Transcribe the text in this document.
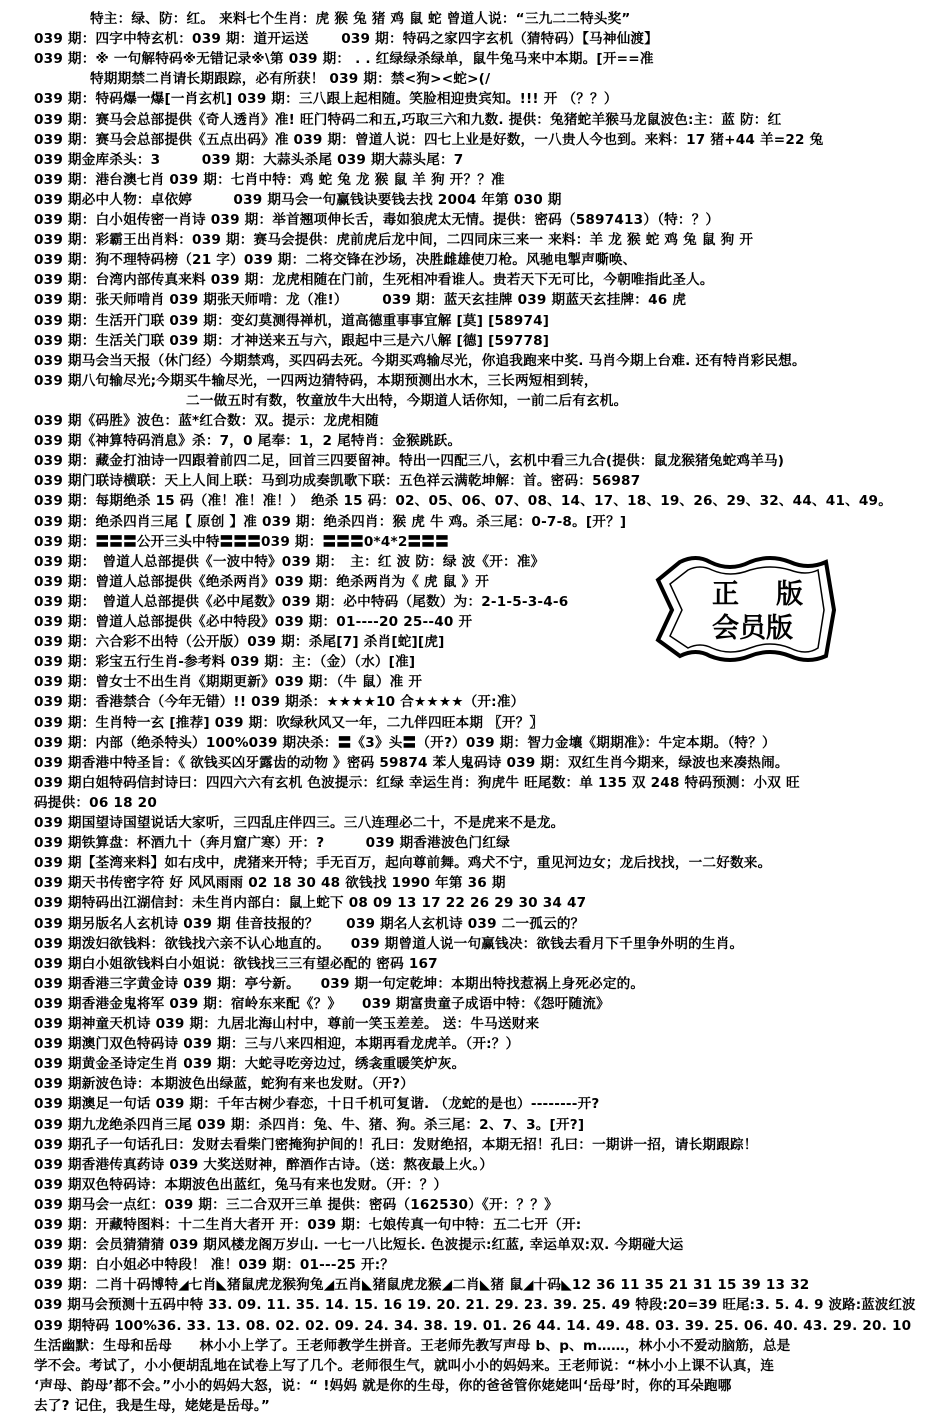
特主：绿、防：红。 来料七个生肖：虎 猴 兔 猪 鸡 鼠 蛇 曾道人说：“三九二二特头奖”
039 期：四字中特玄机：039 期：道开运送　　 039 期：特码之家四字玄机（猜特码）【马神仙渡】
039 期：※ 一句解特码※无错记录※\第 039 期： . . 红绿绿杀绿单，鼠牛兔马来中本期。[开==准
特期期禁二肖请长期跟踪，必有所获！ 039 期：禁<狗><蛇>(/
039 期：特码爆一爆[一肖玄机] 039 期：三八跟上起相随。笑脸相迎贵宾知。!!! 开 （？？）
039 期：赛马会总部提供《奇人透肖》准! 旺门特码二和五,巧取三六和九数. 提供：兔猪蛇羊猴马龙鼠波色:主：蓝 防：红
039 期：赛马会总部提供《五点出码》准 039 期：曾道人说：四七上业是好数，一八贵人今也到。来料：17 猪+44 羊=22 兔
039 期金库杀头：3　　　039 期：大蒜头杀尾 039 期大蒜头尾：7
039 期：港台澳七肖 039 期：七肖中特：鸡 蛇 兔 龙 猴 鼠 羊 狗 开？？准
039 期必中人物：卓依婷　　　039 期马会一句赢钱诀要钱去找 2004 年第 030 期
039 期：白小姐传密一肖诗 039 期：举首翘项伸长舌，毒如狼虎太无情。提供：密码（5897413）（特：？）
039 期：彩霸王出肖料：039 期：赛马会提供：虎前虎后龙中间，二四同床三来一 来料：羊 龙 猴 蛇 鸡 兔 鼠 狗 开
039 期：狗不理特码榜（21 字）039 期：二将交锋在沙场，决胜雌雄使刀枪。风驰电掣声嘶唤、
039 期：台湾内部传真来料 039 期：龙虎相随在门前，生死相冲看谁人。贵若天下无可比，今朝唯指此圣人。
039 期：张天师啃肖 039 期张天师啃：龙（准!）　　　039 期：蓝天玄挂牌 039 期蓝天玄挂牌：46 虎
039 期：生活开门联 039 期：变幻莫测得禅机，道高德重事事宜解 [莫] [58974]
039 期：生活关门联 039 期：才神送来五与六，跟起中三是六八解 [德] [59778]
039 期马会当天报（休门经）今期禁鸡，买四码去死。今期买鸡输尽光，你追我跑来中奖. 马肖今期上台难. 还有特肖彩民想。
039 期八句输尽光;今期买牛输尽光，一四两边猜特码，本期预测出水木，三长两短相到转，
二一做五时有数，牧童放牛大出特，今期道人话你知，一前二后有玄机。
039 期《码胜》波色：蓝*红合数：双。提示：龙虎相随
039 期《神算特码消息》杀：7，0 尾奉：1，2 尾特肖：金猴跳跃。
039 期：藏金打油诗一四跟着前四二足，回首三四要留神。特出一四配三八，玄机中看三九合(提供：鼠龙猴猪兔蛇鸡羊马)
039 期门联诗横联：天上人间上联：马到功成奏凯歌下联：五色祥云满乾坤解：首。密码：56987
039 期：每期绝杀 15 码（准！准！准！）　绝杀 15 码：02、05、06、07、08、14、17、18、19、26、29、32、44、41、49。
039 期：绝杀四肖三尾【 原创 】准 039 期：绝杀四肖：猴 虎 牛 鸡。杀三尾：0-7-8。[开？]
039 期：〓〓〓公开三头中特〓〓〓039 期：〓〓〓0*4*2〓〓〓
039 期：　曾道人总部提供《一波中特》039 期：　主：红 波 防：绿 波《开：准》
039 期：曾道人总部提供《绝杀两肖》039 期：绝杀两肖为《 虎 鼠 》开
039 期：　曾道人总部提供《必中尾数》039 期：必中特码（尾数）为：2-1-5-3-4-6
039 期：曾道人总部提供《必中特段》039 期：01----20 25--40 开
039 期：六合彩不出特（公开版）039 期：杀尾[7] 杀肖[蛇][虎]
039 期：彩宝五行生肖-参考料 039 期：主：（金）（水）[准]
039 期：曾女士不出生肖《期期更新》039 期：（牛 鼠）准 开
039 期：香港禁合（今年无错）!! 039 期杀：★★★★10 合★★★★（开:准）
039 期：生肖特一玄 [推荐] 039 期：吹绿秋风又一年，二九伴四旺本期 〖开？〗
039 期：内部（绝杀特头）100%039 期决杀：〓《3》头〓（开?）039 期：智力金壤《期期准》：牛定本期。（特？）
039 期香港中特圣旨：《 欲钱买凶牙露齿的动物 》密码 59874 苯人鬼码诗 039 期：双红生肖今期来，绿波也来凑热闹。
039 期白姐特码信封诗曰：四四六六有玄机 色波提示：红绿 幸运生肖：狗虎牛 旺尾数：单 135 双 248 特码预测：小双 旺
码提供：06 18 20
039 期国望诗国望说话大家听，三四乱庄伴四三。三八连理必二十，不是虎来不是龙。
039 期铁算盘：杯酒九十（奔月窟广寒）开：?　　　039 期香港波色门红绿
039 期【荃湾来料】如右戌中，虎猪来开特；手无百万，起向尊前舞。鸡犬不宁，重见河边女；龙后找找，一二好数来。
039 期天书传密字符 好 风风雨雨 02 18 30 48 欲钱找 1990 年第 36 期
039 期特码出江湖信封：未生肖内部白：鼠上蛇下 08 09 13 17 22 26 29 30 34 47
039 期另版名人玄机诗 039 期 佳音技报的？　　039 期名人玄机诗 039 二一孤云的？
039 期泼妇欲钱料：欲钱找六亲不认心地直的。　　039 期曾道人说一句赢钱决：欲钱去看月下千里争外明的生肖。
039 期白小姐欲钱料白小姐说：欲钱找三三有望必配的 密码 167
039 期香港三字黄金诗 039 期：亭兮新。　　039 期一句定乾坤：本期出特找惹祸上身死必定的。
039 期香港金鬼将军 039 期：宿岭东来配《？》　　039 期富贵童子成语中特：《怨吁随流》
039 期神童天机诗 039 期：九居北海山村中，尊前一笑玉差差。 送：牛马送财来
039 期澳门双色特码诗 039 期：三与八来四相迎，本期再看龙虎羊。（开:？）
039 期黄金圣诗定生肖 039 期：大蛇寻吃旁边过，绣衾重暖笑炉灰。
039 期新波色诗：本期波色出绿蓝，蛇狗有来也发财。（开?）
039 期澳足一句话 039 期：千年古树少春恋，十日千机可复谐. （龙蛇的是也）--------开?
039 期九龙绝杀四肖三尾 039 期：杀四肖：兔、牛、猪、狗。杀三尾：2、7、3。[开?]
039 期孔子一句话孔曰：发财去看柴门密掩狗护间的！孔曰：发财绝招，本期无招！孔曰：一期讲一招，请长期跟踪！
039 期香港传真药诗 039 大奖送财神，醉酒作古诗。（送：熬夜最上火。）
039 期双色特码诗：本期波色出蓝红，兔马有来也发财。（开：？）
039 期马会一点红：039 期：三二合双开三单 提供：密码（162530）《开：？？》
039 期：开藏特图料：十二生肖大者开 开：039 期：七娘传真一句中特：五二七开（开:
039 期：会员猜猜猜 039 期风楼龙阁万岁山. 一七一八比短长. 色波提示:红蓝, 幸运单双:双. 今期碰大运
039 期：白小姐必中特段！ 准！039 期：01---25 开:？
039 期：二肖十码博特◢七肖◣猪鼠虎龙猴狗兔◢五肖◣猪鼠虎龙猴◢二肖◣猪 鼠◢十码◣12 36 11 35 21 31 15 39 13 32
039 期马会预测十五码中特 33. 09. 11. 35. 14. 15. 16 19. 20. 21. 29. 23. 39. 25. 49 特段:20=39 旺尾:3. 5. 4. 9 波路:蓝波红波
039 期特码 100%36. 33. 13. 08. 02. 02. 09. 24. 34. 38. 19. 01. 26 44. 14. 49. 48. 03. 39. 25. 06. 40. 43. 29. 20. 10
生活幽默：生母和岳母　　林小小上学了。王老师教学生拼音。王老师先教写声母 b、p、m……，林小小不爱动脑筋，总是
学不会。考试了，小小便胡乱地在试卷上写了几个。老师很生气，就叫小小的妈妈来。王老师说：“林小小上课不认真，连
‘声母、韵母’都不会。”小小的妈妈大怒，说：“ !妈妈 就是你的生母，你的爸爸管你姥姥叫‘岳母’时，你的耳朵跑哪
去了? 记住，我是生母，姥姥是岳母。”
正 版
会员版
